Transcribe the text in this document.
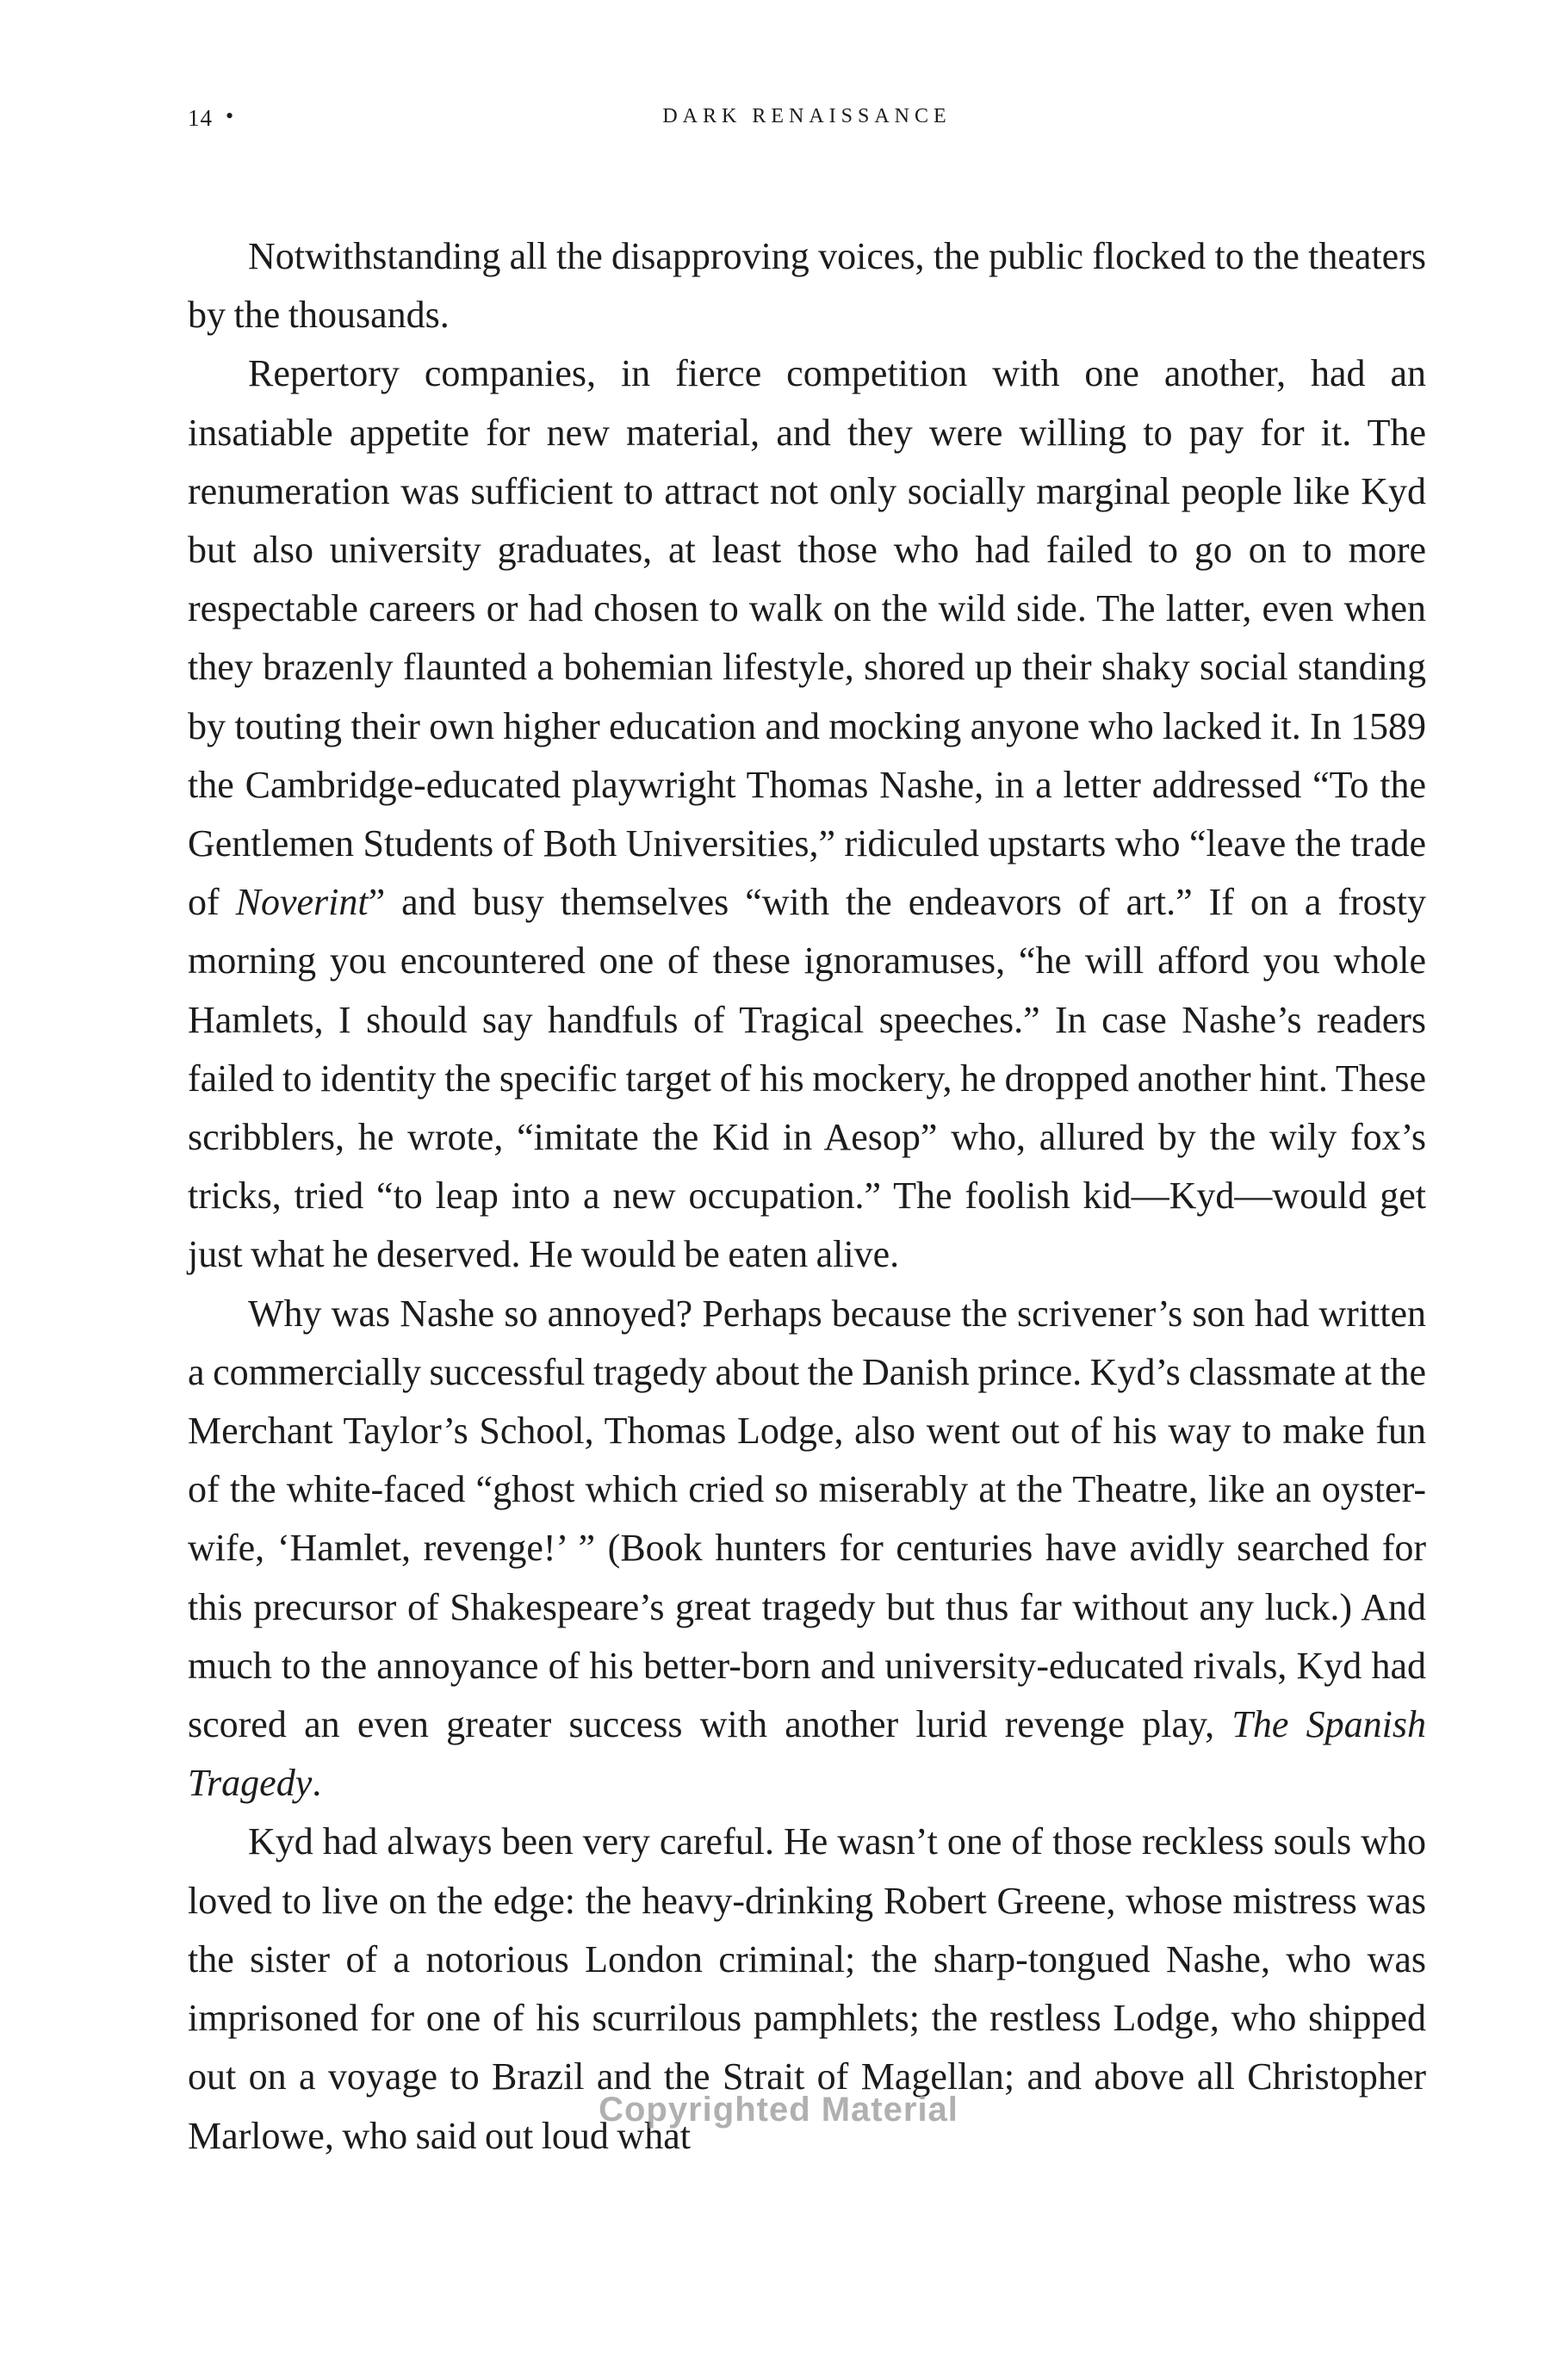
14 •	DARK RENAISSANCE

Notwithstanding all the disapproving voices, the public flocked to the theaters by the thousands.

Repertory companies, in fierce competition with one another, had an insatiable appetite for new material, and they were willing to pay for it. The renumeration was sufficient to attract not only socially marginal people like Kyd but also university graduates, at least those who had failed to go on to more respectable careers or had chosen to walk on the wild side. The latter, even when they brazenly flaunted a bohemian lifestyle, shored up their shaky social standing by touting their own higher education and mocking anyone who lacked it. In 1589 the Cambridge-educated playwright Thomas Nashe, in a letter addressed “To the Gentlemen Students of Both Universities,” ridiculed upstarts who “leave the trade of Noverint” and busy themselves “with the endeavors of art.” If on a frosty morning you encountered one of these ignoramuses, “he will afford you whole Hamlets, I should say handfuls of Tragical speeches.” In case Nashe’s readers failed to identity the specific target of his mockery, he dropped another hint. These scribblers, he wrote, “imitate the Kid in Aesop” who, allured by the wily fox’s tricks, tried “to leap into a new occupation.” The foolish kid—Kyd—would get just what he deserved. He would be eaten alive.

Why was Nashe so annoyed? Perhaps because the scrivener’s son had written a commercially successful tragedy about the Danish prince. Kyd’s classmate at the Merchant Taylor’s School, Thomas Lodge, also went out of his way to make fun of the white-faced “ghost which cried so miserably at the Theatre, like an oyster-wife, ‘Hamlet, revenge!’ ” (Book hunters for centuries have avidly searched for this precursor of Shakespeare’s great tragedy but thus far without any luck.) And much to the annoyance of his better-born and university-educated rivals, Kyd had scored an even greater success with another lurid revenge play, The Spanish Tragedy.

Kyd had always been very careful. He wasn’t one of those reckless souls who loved to live on the edge: the heavy-drinking Robert Greene, whose mistress was the sister of a notorious London criminal; the sharp-tongued Nashe, who was imprisoned for one of his scurrilous pamphlets; the restless Lodge, who shipped out on a voyage to Brazil and the Strait of Magellan; and above all Christopher Marlowe, who said out loud what

Copyrighted Material
